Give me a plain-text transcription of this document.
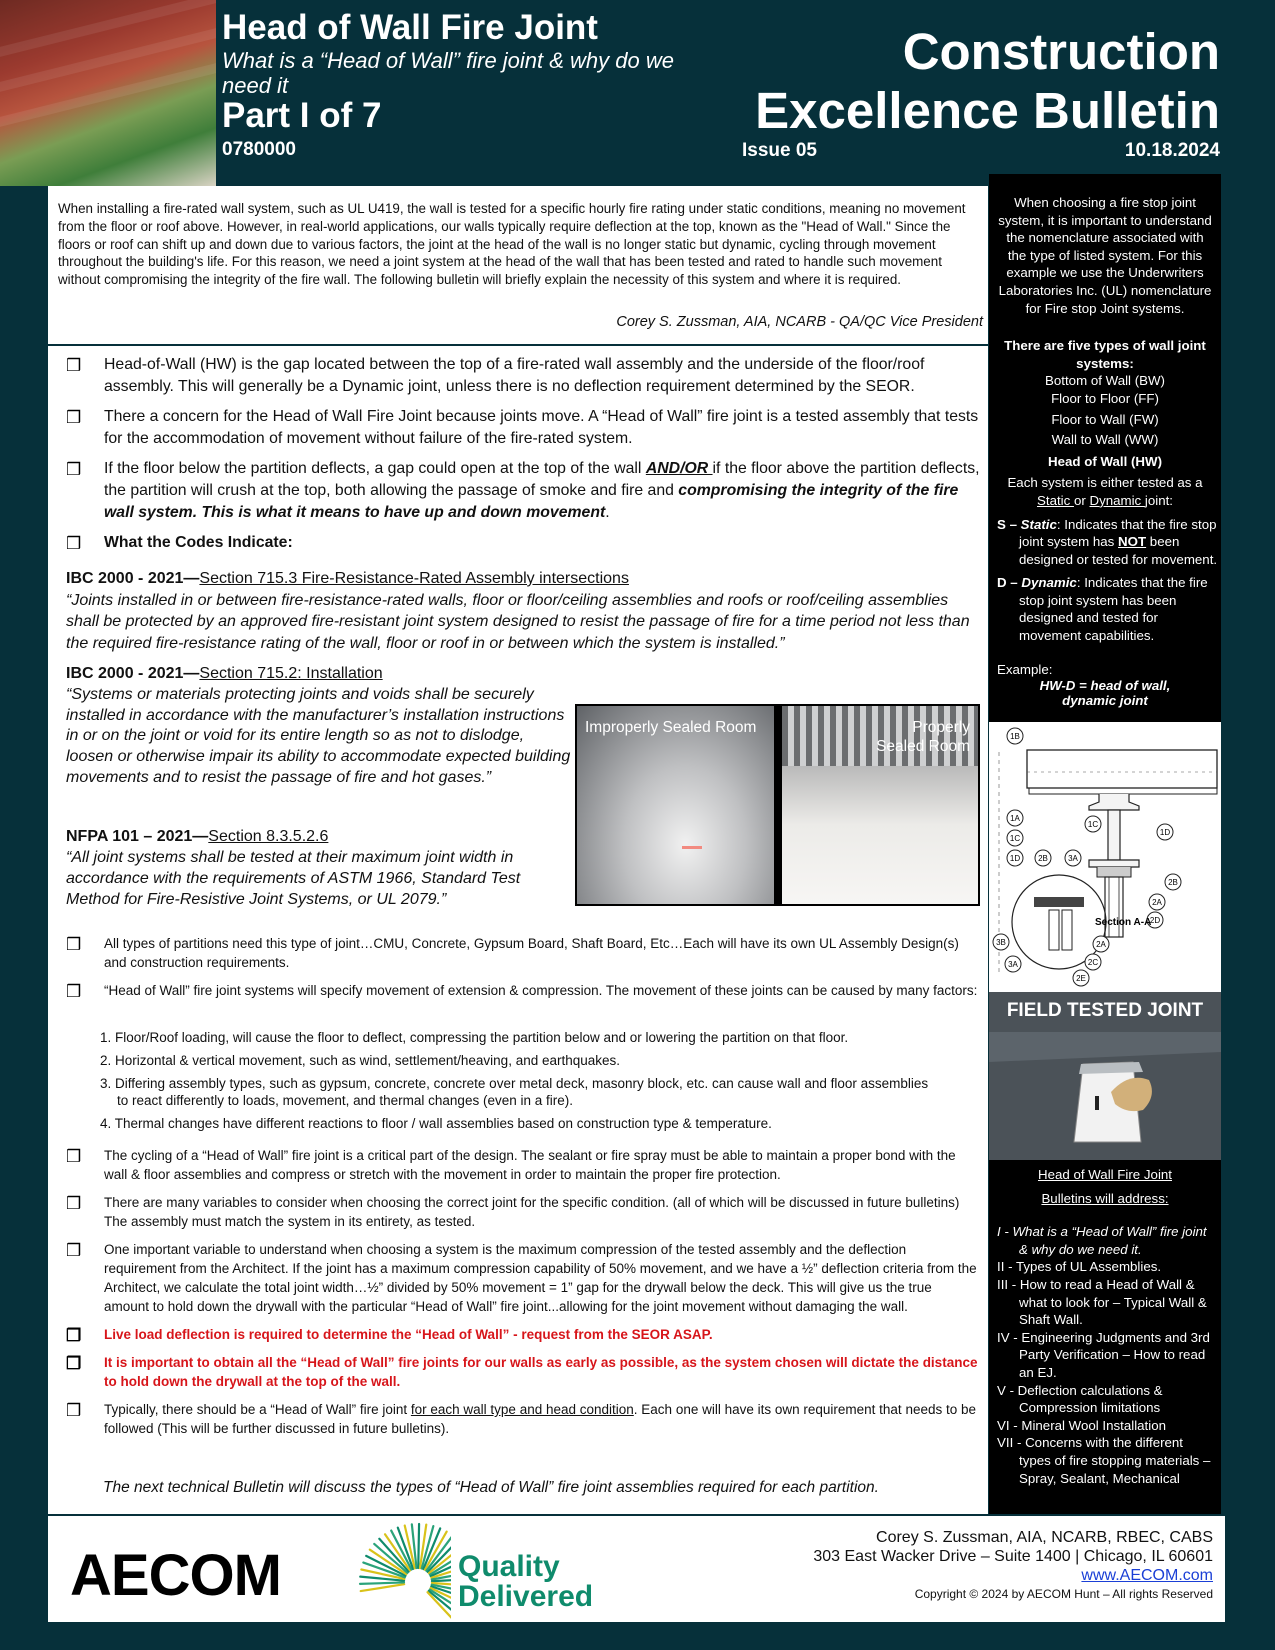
Head of Wall Fire Joint
What is a “Head of Wall” fire joint & why do we need it
Part I of 7
0780000
Construction Excellence Bulletin
Issue 05	10.18.2024

When installing a fire-rated wall system, such as UL U419, the wall is tested for a specific hourly fire rating under static conditions, meaning no movement from the floor or roof above. However, in real-world applications, our walls typically require deflection at the top, known as the "Head of Wall." Since the floors or roof can shift up and down due to various factors, the joint at the head of the wall is no longer static but dynamic, cycling through movement throughout the building's life. For this reason, we need a joint system at the head of the wall that has been tested and rated to handle such movement without compromising the integrity of the fire wall. The following bulletin will briefly explain the necessity of this system and where it is required.

Corey S. Zussman, AIA, NCARB - QA/QC Vice President
❒ Head-of-Wall (HW) is the gap located between the top of a fire-rated wall assembly and the underside of the floor/roof assembly. This will generally be a Dynamic joint, unless there is no deflection requirement determined by the SEOR.
❒ There a concern for the Head of Wall Fire Joint because joints move. A “Head of Wall” fire joint is a tested assembly that tests for the accommodation of movement without failure of the fire-rated system.
❒ If the floor below the partition deflects, a gap could open at the top of the wall AND/OR if the floor above the partition deflects, the partition will crush at the top, both allowing the passage of smoke and fire and compromising the integrity of the fire wall system. This is what it means to have up and down movement.
❒ What the Codes Indicate:
IBC 2000 - 2021—Section 715.3 Fire-Resistance-Rated Assembly intersections
“Joints installed in or between fire-resistance-rated walls, floor or floor/ceiling assemblies and roofs or roof/ceiling assemblies shall be protected by an approved fire-resistant joint system designed to resist the passage of fire for a time period not less than the required fire-resistance rating of the wall, floor or roof in or between which the system is installed.”
IBC 2000 - 2021—Section 715.2: Installation
“Systems or materials protecting joints and voids shall be securely installed in accordance with the manufacturer’s installation instructions in or on the joint or void for its entire length so as not to dislodge, loosen or otherwise impair its ability to accommodate expected building movements and to resist the passage of fire and hot gases.”
NFPA 101 – 2021—Section 8.3.5.2.6
“All joint systems shall be tested at their maximum joint width in accordance with the requirements of ASTM 1966, Standard Test Method for Fire-Resistive Joint Systems, or UL 2079.”
Improperly Sealed Room	Properly Sealed Room
❒ All types of partitions need this type of joint…CMU, Concrete, Gypsum Board, Shaft Board, Etc…Each will have its own UL Assembly Design(s) and construction requirements.
❒ “Head of Wall” fire joint systems will specify movement of extension & compression. The movement of these joints can be caused by many factors:
1. Floor/Roof loading, will cause the floor to deflect, compressing the partition below and or lowering the partition on that floor.
2. Horizontal & vertical movement, such as wind, settlement/heaving, and earthquakes.
3. Differing assembly types, such as gypsum, concrete, concrete over metal deck, masonry block, etc. can cause wall and floor assemblies to react differently to loads, movement, and thermal changes (even in a fire).
4. Thermal changes have different reactions to floor / wall assemblies based on construction type & temperature.
❒ The cycling of a “Head of Wall” fire joint is a critical part of the design. The sealant or fire spray must be able to maintain a proper bond with the wall & floor assemblies and compress or stretch with the movement in order to maintain the proper fire protection.
❒ There are many variables to consider when choosing the correct joint for the specific condition. (all of which will be discussed in future bulletins) The assembly must match the system in its entirety, as tested.
❒ One important variable to understand when choosing a system is the maximum compression of the tested assembly and the deflection requirement from the Architect. If the joint has a maximum compression capability of 50% movement, and we have a ½” deflection criteria from the Architect, we calculate the total joint width…½” divided by 50% movement = 1” gap for the drywall below the deck. This will give us the true amount to hold down the drywall with the particular “Head of Wall” fire joint...allowing for the joint movement without damaging the wall.
❒ Live load deflection is required to determine the “Head of Wall” - request from the SEOR ASAP.
❒ It is important to obtain all the “Head of Wall” fire joints for our walls as early as possible, as the system chosen will dictate the distance to hold down the drywall at the top of the wall.
❒ Typically, there should be a “Head of Wall” fire joint for each wall type and head condition. Each one will have its own requirement that needs to be followed (This will be further discussed in future bulletins).
The next technical Bulletin will discuss the types of “Head of Wall” fire joint assemblies required for each partition.
When choosing a fire stop joint system, it is important to understand the nomenclature associated with the type of listed system. For this example we use the Underwriters Laboratories Inc. (UL) nomenclature for Fire stop Joint systems.
There are five types of wall joint systems:
Bottom of Wall (BW)
Floor to Floor (FF)
Floor to Wall (FW)
Wall to Wall (WW)
Head of Wall (HW)
Each system is either tested as a Static or Dynamic joint:
S – Static: Indicates that the fire stop joint system has NOT been designed or tested for movement.
D – Dynamic: Indicates that the fire stop joint system has been designed and tested for movement capabilities.
Example:
HW-D = head of wall, dynamic joint
1B
1A
1C
1D
1C
1D 2B	3A
2B
2A
2D
3B
3A
2A
2C
2E
Section A-A
FIELD TESTED JOINT
Head of Wall Fire Joint
Bulletins will address:
I - What is a “Head of Wall” fire joint & why do we need it.
II - Types of UL Assemblies.
III - How to read a Head of Wall & what to look for – Typical Wall & Shaft Wall.
IV - Engineering Judgments and 3rd Party Verification – How to read an EJ.
V - Deflection calculations & Compression limitations
VI - Mineral Wool Installation
VII - Concerns with the different types of fire stopping materials – Spray, Sealant, Mechanical
AECOM	Quality
Delivered
Corey S. Zussman, AIA, NCARB, RBEC, CABS
303 East Wacker Drive – Suite 1400 | Chicago, IL 60601
www.AECOM.com
Copyright © 2024 by AECOM Hunt – All rights Reserved
